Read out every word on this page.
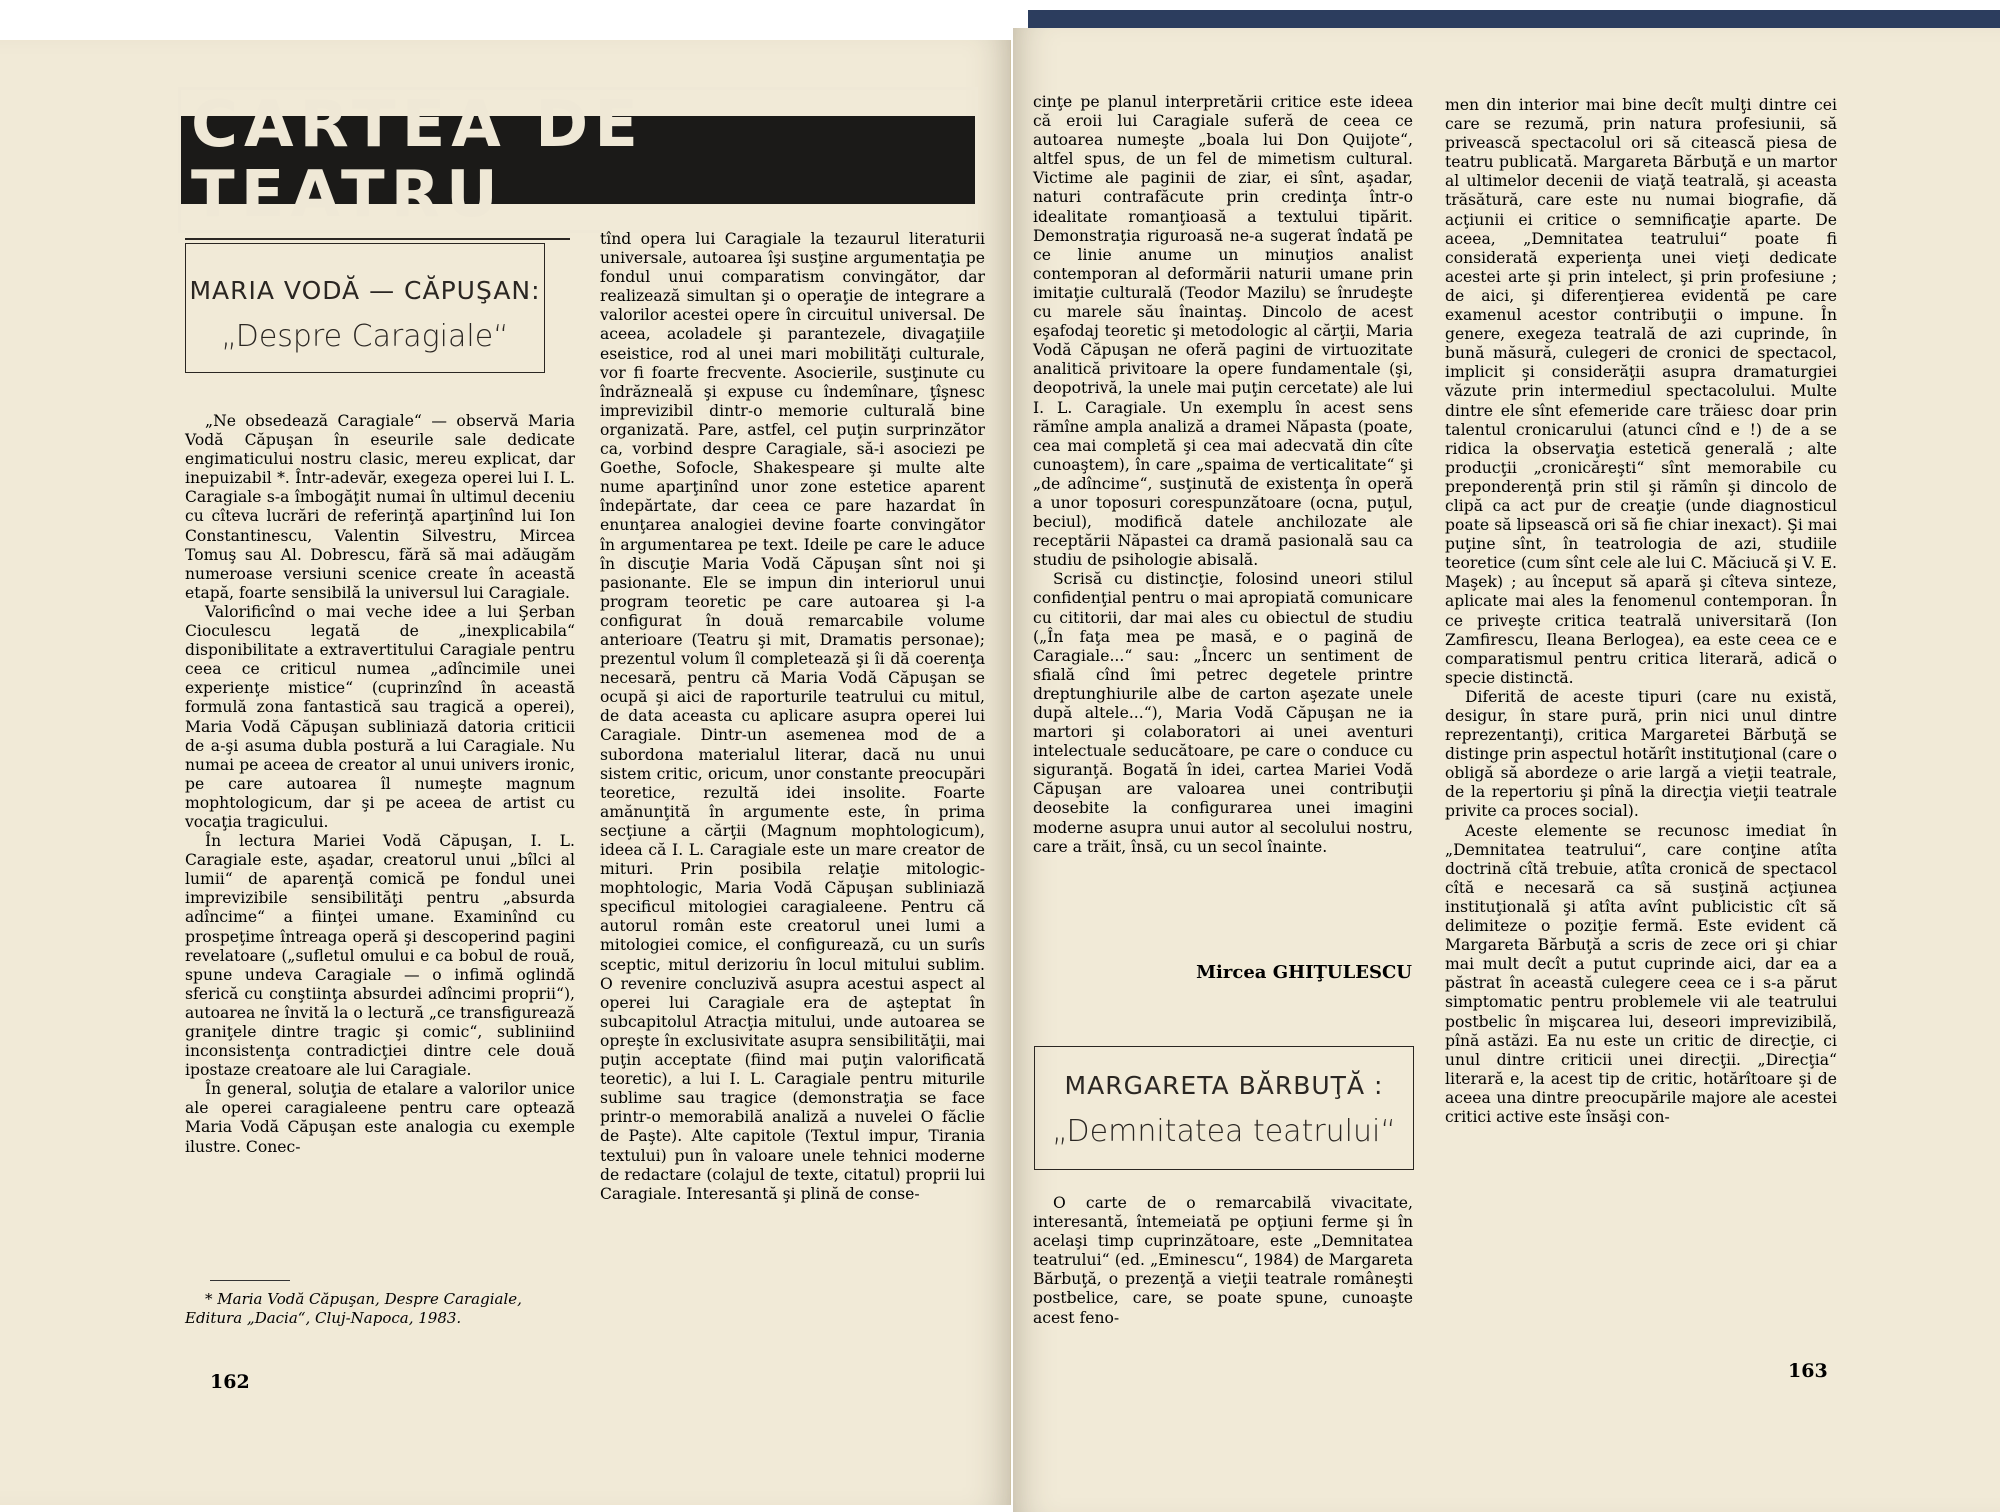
CARTEA DE TEATRU
MARIA VODĂ — CĂPUŞAN:
„Despre Caragiale“

„Ne obsedează Caragiale“ — observă Maria Vodă Căpuşan în eseurile sale dedicate engimaticului nostru clasic, mereu explicat, dar inepuizabil *. Într-adevăr, exegeza operei lui I. L. Caragiale s-a îmbogăţit numai în ultimul deceniu cu cîteva lucrări de referinţă aparţinînd lui Ion Constantinescu, Valentin Silvestru, Mircea Tomuş sau Al. Dobrescu, fără să mai adăugăm numeroase versiuni scenice create în această etapă, foarte sensibilă la universul lui Caragiale.

Valorificînd o mai veche idee a lui Şerban Cioculescu legată de „inexplicabila“ disponibilitate a extravertitului Caragiale pentru ceea ce criticul numea „adîncimile unei experienţe mistice“ (cuprinzînd în această formulă zona fantastică sau tragică a operei), Maria Vodă Căpuşan subliniază datoria criticii de a-şi asuma dubla postură a lui Caragiale. Nu numai pe aceea de creator al unui univers ironic, pe care autoarea îl numeşte magnum mophtologicum, dar şi pe aceea de artist cu vocaţia tragicului.

În lectura Mariei Vodă Căpuşan, I. L. Caragiale este, aşadar, creatorul unui „bîlci al lumii“ de aparenţă comică pe fondul unei imprevizibile sensibilităţi pentru „absurda adîncime“ a fiinţei umane. Examinînd cu prospeţime întreaga operă şi descoperind pagini revelatoare („sufletul omului e ca bobul de rouă, spune undeva Caragiale — o infimă oglindă sferică cu conştiinţa absurdei adîncimi proprii“), autoarea ne învită la o lectură „ce transfigurează graniţele dintre tragic şi comic“, subliniind inconsistenţa contradicţiei dintre cele două ipostaze creatoare ale lui Caragiale.

În general, soluţia de etalare a valorilor unice ale operei caragialeene pentru care optează Maria Vodă Căpuşan este analogia cu exemple ilustre. Conec-

tînd opera lui Caragiale la tezaurul literaturii universale, autoarea îşi susţine argumentaţia pe fondul unui comparatism convingător, dar realizează simultan şi o operaţie de integrare a valorilor acestei opere în circuitul universal. De aceea, acoladele şi parantezele, divagaţiile eseistice, rod al unei mari mobilităţi culturale, vor fi foarte frecvente. Asocierile, susţinute cu îndrăzneală şi expuse cu îndemînare, ţîşnesc imprevizibil dintr-o memorie culturală bine organizată. Pare, astfel, cel puţin surprinzător ca, vorbind despre Caragiale, să-i asociezi pe Goethe, Sofocle, Shakespeare şi multe alte nume aparţinînd unor zone estetice aparent îndepărtate, dar ceea ce pare hazardat în enunţarea analogiei devine foarte convingător în argumentarea pe text. Ideile pe care le aduce în discuţie Maria Vodă Căpuşan sînt noi şi pasionante. Ele se impun din interiorul unui program teoretic pe care autoarea şi l-a configurat în două remarcabile volume anterioare (Teatru şi mit, Dramatis personae); prezentul volum îl completează şi îi dă coerenţa necesară, pentru că Maria Vodă Căpuşan se ocupă şi aici de raporturile teatrului cu mitul, de data aceasta cu aplicare asupra operei lui Caragiale. Dintr-un asemenea mod de a subordona materialul literar, dacă nu unui sistem critic, oricum, unor constante preocupări teoretice, rezultă idei insolite. Foarte amănunţită în argumente este, în prima secţiune a cărţii (Magnum mophtologicum), ideea că I. L. Caragiale este un mare creator de mituri. Prin posibila relaţie mitologic-mophtologic, Maria Vodă Căpuşan subliniază specificul mitologiei caragialeene. Pentru că autorul român este creatorul unei lumi a mitologiei comice, el configurează, cu un surîs sceptic, mitul derizoriu în locul mitului sublim. O revenire concluzivă asupra acestui aspect al operei lui Caragiale era de aşteptat în subcapitolul Atracţia mitului, unde autoarea se opreşte în exclusivitate asupra sensibilităţii, mai puţin acceptate (fiind mai puţin valorificată teoretic), a lui I. L. Caragiale pentru miturile sublime sau tragice (demonstraţia se face printr-o memorabilă analiză a nuvelei O făclie de Paşte). Alte capitole (Textul impur, Tirania textului) pun în valoare unele tehnici moderne de redactare (colajul de texte, citatul) proprii lui Caragiale. Interesantă şi plină de conse-

* Maria Vodă Căpuşan, Despre Caragiale, Editura „Dacia“, Cluj-Napoca, 1983.
162

cinţe pe planul interpretării critice este ideea că eroii lui Caragiale suferă de ceea ce autoarea numeşte „boala lui Don Quijote“, altfel spus, de un fel de mimetism cultural. Victime ale paginii de ziar, ei sînt, aşadar, naturi contrafăcute prin credinţa într-o idealitate romanţioasă a textului tipărit. Demonstraţia riguroasă ne-a sugerat îndată pe ce linie anume un minuţios analist contemporan al deformării naturii umane prin imitaţie culturală (Teodor Mazilu) se înrudeşte cu marele său înaintaş. Dincolo de acest eşafodaj teoretic şi metodologic al cărţii, Maria Vodă Căpuşan ne oferă pagini de virtuozitate analitică privitoare la opere fundamentale (şi, deopotrivă, la unele mai puţin cercetate) ale lui I. L. Caragiale. Un exemplu în acest sens rămîne ampla analiză a dramei Năpasta (poate, cea mai completă şi cea mai adecvată din cîte cunoaştem), în care „spaima de verticalitate“ şi „de adîncime“, susţinută de existenţa în operă a unor toposuri corespunzătoare (ocna, puţul, beciul), modifică datele anchilozate ale receptării Năpastei ca dramă pasională sau ca studiu de psihologie abisală.

Scrisă cu distincţie, folosind uneori stilul confidenţial pentru o mai apropiată comunicare cu cititorii, dar mai ales cu obiectul de studiu („În faţa mea pe masă, e o pagină de Caragiale...“ sau: „Încerc un sentiment de sfială cînd îmi petrec degetele printre dreptunghiurile albe de carton aşezate unele după altele...“), Maria Vodă Căpuşan ne ia martori şi colaboratori ai unei aventuri intelectuale seducătoare, pe care o conduce cu siguranţă. Bogată în idei, cartea Mariei Vodă Căpuşan are valoarea unei contribuţii deosebite la configurarea unei imagini moderne asupra unui autor al secolului nostru, care a trăit, însă, cu un secol înainte.

Mircea GHIŢULESCU
MARGARETA BĂRBUŢĂ :
„Demnitatea teatrului“

O carte de o remarcabilă vivacitate, interesantă, întemeiată pe opţiuni ferme şi în acelaşi timp cuprinzătoare, este „Demnitatea teatrului“ (ed. „Eminescu“, 1984) de Margareta Bărbuţă, o prezenţă a vieţii teatrale româneşti postbelice, care, se poate spune, cunoaşte acest feno-

men din interior mai bine decît mulţi dintre cei care se rezumă, prin natura profesiunii, să privească spectacolul ori să citească piesa de teatru publicată. Margareta Bărbuţă e un martor al ultimelor decenii de viaţă teatrală, şi aceasta trăsătură, care este nu numai biografie, dă acţiunii ei critice o semnificaţie aparte. De aceea, „Demnitatea teatrului“ poate fi considerată experienţa unei vieţi dedicate acestei arte şi prin intelect, şi prin profesiune ; de aici, şi diferenţierea evidentă pe care examenul acestor contribuţii o impune. În genere, exegeza teatrală de azi cuprinde, în bună măsură, culegeri de cronici de spectacol, implicit şi considerăţii asupra dramaturgiei văzute prin intermediul spectacolului. Multe dintre ele sînt efemeride care trăiesc doar prin talentul cronicarului (atunci cînd e !) de a se ridica la observaţia estetică generală ; alte producţii „cronicăreşti“ sînt memorabile cu preponderenţă prin stil şi rămîn şi dincolo de clipă ca act pur de creaţie (unde diagnosticul poate să lipsească ori să fie chiar inexact). Şi mai puţine sînt, în teatrologia de azi, studiile teoretice (cum sînt cele ale lui C. Măciucă şi V. E. Maşek) ; au început să apară şi cîteva sinteze, aplicate mai ales la fenomenul contemporan. În ce priveşte critica teatrală universitară (Ion Zamfirescu, Ileana Berlogea), ea este ceea ce e comparatismul pentru critica literară, adică o specie distinctă.

Diferită de aceste tipuri (care nu există, desigur, în stare pură, prin nici unul dintre reprezentanţi), critica Margaretei Bărbuţă se distinge prin aspectul hotărît instituţional (care o obligă să abordeze o arie largă a vieţii teatrale, de la repertoriu şi pînă la direcţia vieţii teatrale privite ca proces social).

Aceste elemente se recunosc imediat în „Demnitatea teatrului“, care conţine atîta doctrină cîtă trebuie, atîta cronică de spectacol cîtă e necesară ca să susţină acţiunea instituţională şi atîta avînt publicistic cît să delimiteze o poziţie fermă. Este evident că Margareta Bărbuţă a scris de zece ori şi chiar mai mult decît a putut cuprinde aici, dar ea a păstrat în această culegere ceea ce i s-a părut simptomatic pentru problemele vii ale teatrului postbelic în mişcarea lui, deseori imprevizibilă, pînă astăzi. Ea nu este un critic de direcţie, ci unul dintre criticii unei direcţii. „Direcţia“ literară e, la acest tip de critic, hotărîtoare şi de aceea una dintre preocupările majore ale acestei critici active este însăşi con-

163
